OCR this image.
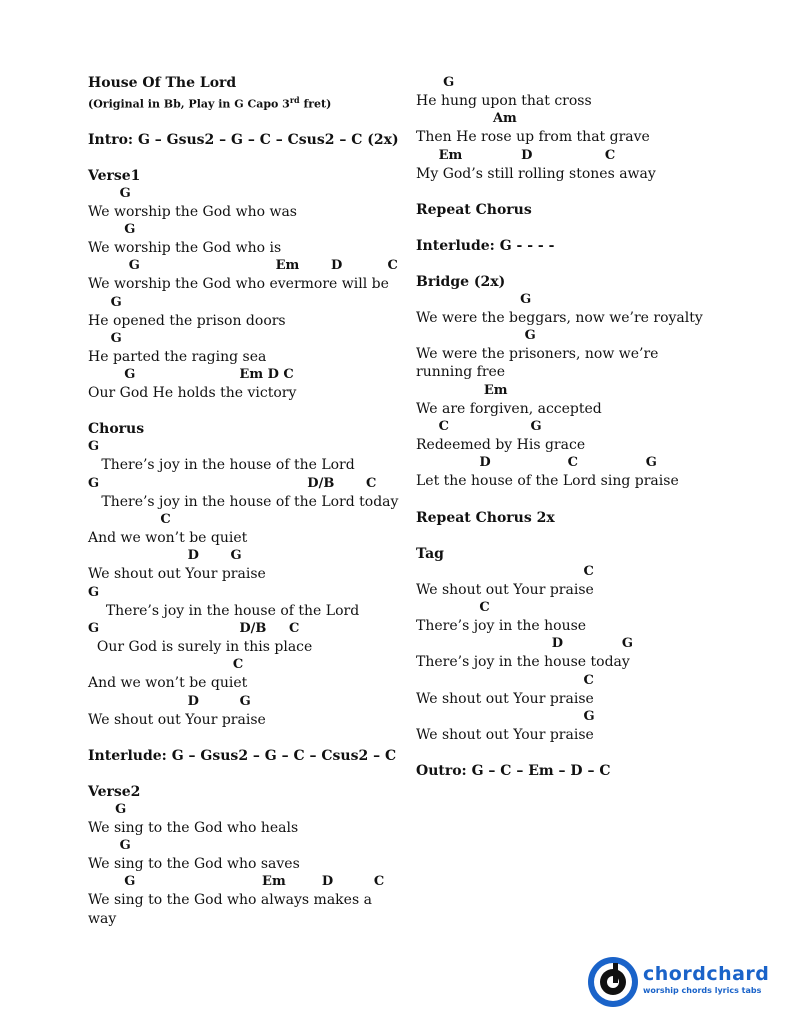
House Of The Lord

(Original in Bb, Play in G Capo 3rd fret)

Intro: G – Gsus2 – G – C – Csus2 – C (2x)

Verse1

G

We worship the God who was

G

We worship the God who is

G                              Em       D          C

We worship the God who evermore will be

G

He opened the prison doors

G

He parted the raging sea

G                       Em D C

Our God He holds the victory

Chorus

G

There’s joy in the house of the Lord

G                                              D/B       C

There’s joy in the house of the Lord today

C

And we won’t be quiet

D       G

We shout out Your praise

G

There’s joy in the house of the Lord

G                               D/B     C

Our God is surely in this place

C

And we won’t be quiet

D         G

We shout out Your praise

Interlude: G – Gsus2 – G – C – Csus2 – C

Verse2

G

We sing to the God who heals

G

We sing to the God who saves

G                            Em        D         C

We sing to the God who always makes a way

G

He hung upon that cross

Am

Then He rose up from that grave

Em             D                C

My God’s still rolling stones away

Repeat Chorus

Interlude: G - - - -

Bridge (2x)

G

We were the beggars, now we’re royalty

G

We were the prisoners, now we’re running free

Em

We are forgiven, accepted

C                  G

Redeemed by His grace

D                 C               G

Let the house of the Lord sing praise

Repeat Chorus 2x

Tag

C

We shout out Your praise

C

There’s joy in the house

D             G

There’s joy in the house today

C

We shout out Your praise

G

We shout out Your praise

Outro: G – C – Em – D – C

chordchard
worship chords lyrics tabs
